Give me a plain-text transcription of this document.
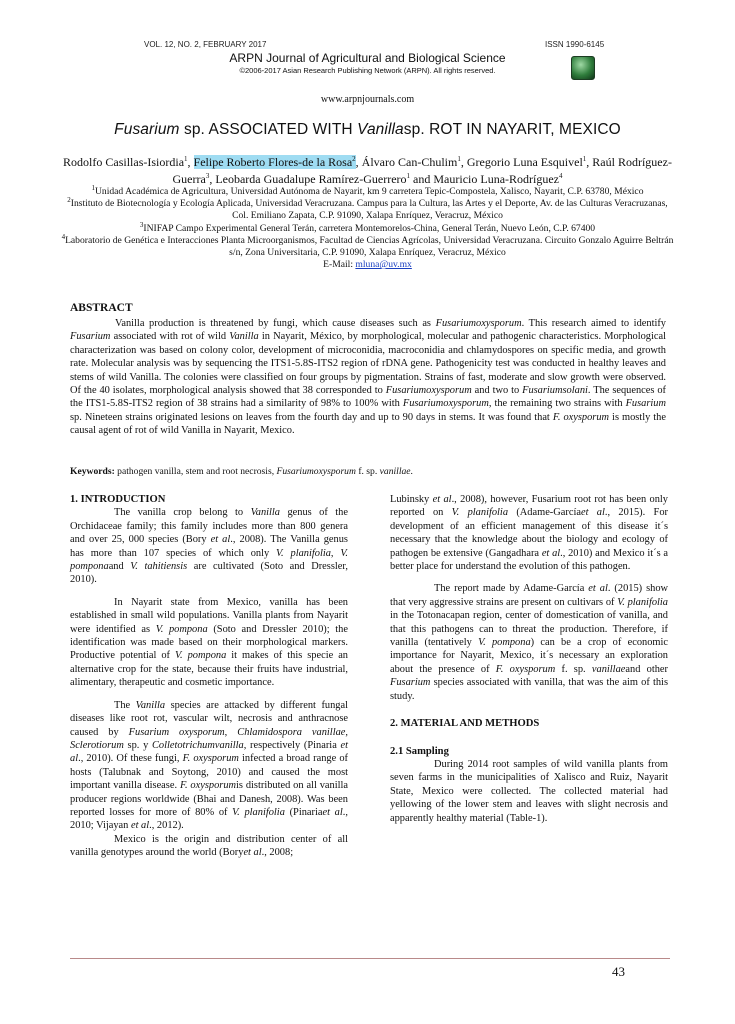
VOL. 12, NO. 2, FEBRUARY 2017	ISSN 1990-6145
ARPN Journal of Agricultural and Biological Science
©2006-2017 Asian Research Publishing Network (ARPN). All rights reserved.
www.arpnjournals.com
Fusarium sp. ASSOCIATED WITH Vanillasp. ROT IN NAYARIT, MEXICO
Rodolfo Casillas-Isiordia$^1$, Felipe Roberto Flores-de la Rosa$^2$, Álvaro Can-Chulim$^1$, Gregorio Luna Esquivel$^1$, Raúl Rodríguez-Guerra$^3$, Leobarda Guadalupe Ramírez-Guerrero$^1$ and Mauricio Luna-Rodríguez$^4$

$^1$Unidad Académica de Agricultura, Universidad Autónoma de Nayarit, km 9 carretera Tepic-Compostela, Xalisco, Nayarit, C.P. 63780, México

$^2$Instituto de Biotecnología y Ecología Aplicada, Universidad Veracruzana. Campus para la Cultura, las Artes y el Deporte, Av. de las Culturas Veracruzanas, Col. Emiliano Zapata, C.P. 91090, Xalapa Enríquez, Veracruz, México

$^3$INIFAP Campo Experimental General Terán, carretera Montemorelos-China, General Terán, Nuevo León, C.P. 67400

$^4$Laboratorio de Genética e Interacciones Planta Microorganismos, Facultad de Ciencias Agrícolas, Universidad Veracruzana. Circuito Gonzalo Aguirre Beltrán s/n, Zona Universitaria, C.P. 91090, Xalapa Enríquez, Veracruz, México

E-Mail: mluna@uv.mx

ABSTRACT
Vanilla production is threatened by fungi, which cause diseases such as Fusariumoxysporum. This research aimed to identify Fusarium associated with rot of wild Vanilla in Nayarit, México, by morphological, molecular and pathogenic characteristics. Morphological characterization was based on colony color, development of microconidia, macroconidia and chlamydospores on specific media, and growth rate. Molecular analysis was by sequencing the ITS1-5.8S-ITS2 region of rDNA gene. Pathogenicity test was conducted in healthy leaves and stems of wild Vanilla. The colonies were classified on four groups by pigmentation. Strains of fast, moderate and slow growth were observed. Of the 40 isolates, morphological analysis showed that 38 corresponded to Fusariumoxysporum and two to Fusariumsolani. The sequences of the ITS1-5.8S-ITS2 region of 38 strains had a similarity of 98% to 100% with Fusariumoxysporum, the remaining two strains with Fusarium sp. Nineteen strains originated lesions on leaves from the fourth day and up to 90 days in stems. It was found that F. oxysporum is mostly the causal agent of rot of wild Vanilla in Nayarit, Mexico.
Keywords: pathogen vanilla, stem and root necrosis, Fusariumoxysporum f. sp. vanillae.
1. INTRODUCTION

The vanilla crop belong to Vanilla genus of the Orchidaceae family; this family includes more than 800 genera and over 25, 000 species (Bory et al., 2008). The Vanilla genus has more than 107 species of which only V. planifolia, V. pomponaand V. tahitiensis are cultivated (Soto and Dressler, 2010).

In Nayarit state from Mexico, vanilla has been established in small wild populations. Vanilla plants from Nayarit were identified as V. pompona (Soto and Dressler 2010); the identification was made based on their morphological markers. Productive potential of V. pompona it makes of this specie an alternative crop for the state, because their fruits have industrial, alimentary, therapeutic and cosmetic importance.

The Vanilla species are attacked by different fungal diseases like root rot, vascular wilt, necrosis and anthracnose caused by Fusarium oxysporum, Chlamidospora vanillae, Sclerotiorum sp. y Colletotrichumvanilla, respectively (Pinaria et al., 2010). Of these fungi, F. oxysporum infected a broad range of hosts (Talubnak and Soytong, 2010) and caused the most important vanilla disease. F. oxysporumis distributed on all vanilla producer regions worldwide (Bhai and Danesh, 2008). Was been reported losses for more of 80% of V. planifolia (Pinariaet al., 2010; Vijayan et al., 2012).

Mexico is the origin and distribution center of all vanilla genotypes around the world (Boryet al., 2008;

Lubinsky et al., 2008), however, Fusarium root rot has been only reported on V. planifolia (Adame-Garcíaet al., 2015). For development of an efficient management of this disease it´s necessary that the knowledge about the biology and ecology of pathogen be extensive (Gangadhara et al., 2010) and Mexico it´s a better place for understand the evolution of this pathogen.

The report made by Adame-García et al. (2015) show that very aggressive strains are present on cultivars of V. planifolia in the Totonacapan region, center of domestication of vanilla, and that this pathogens can to threat the production. Therefore, if vanilla (tentatively V. pompona) can be a crop of economic importance for Nayarit, Mexico, it´s necessary an exploration about the presence of F. oxysporum f. sp. vanillaeand other Fusarium species associated with vanilla, that was the aim of this study.

2. MATERIAL AND METHODS
2.1 Sampling

During 2014 root samples of wild vanilla plants from seven farms in the municipalities of Xalisco and Ruiz, Nayarit State, Mexico were collected. The collected material had yellowing of the lower stem and leaves with slight necrosis and apparently healthy material (Table-1).

43
